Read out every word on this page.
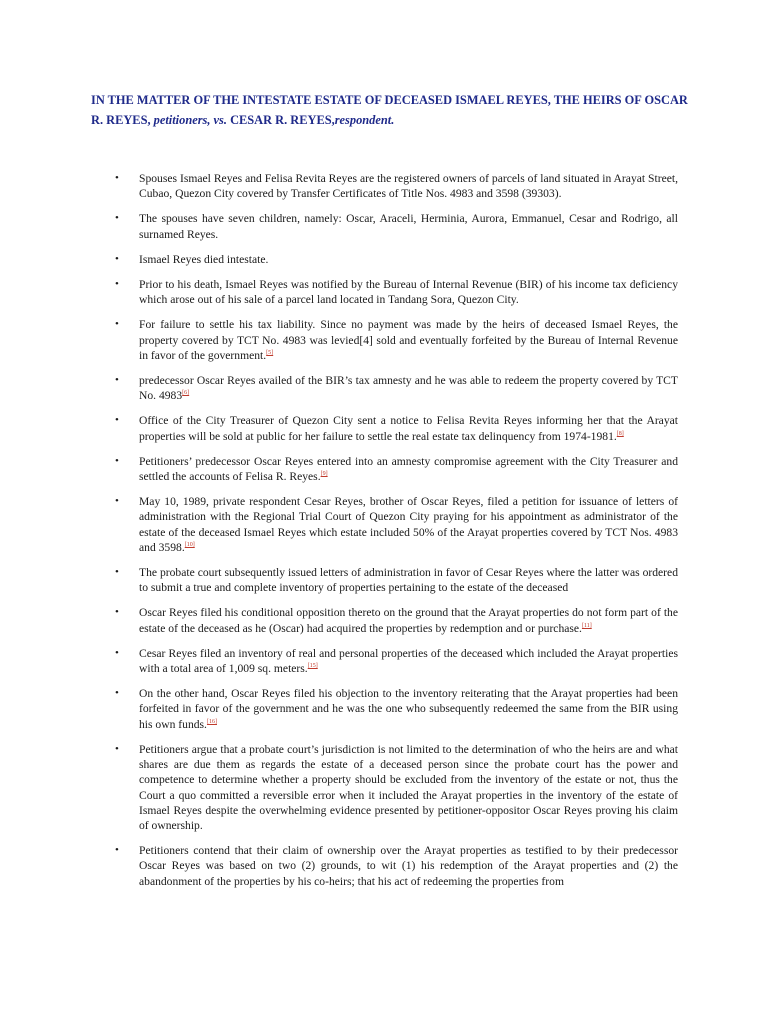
IN THE MATTER OF THE INTESTATE ESTATE OF DECEASED ISMAEL REYES, THE HEIRS OF OSCAR R. REYES, petitioners, vs. CESAR R. REYES,respondent.
• Spouses Ismael Reyes and Felisa Revita Reyes are the registered owners of parcels of land situated in Arayat Street, Cubao, Quezon City covered by Transfer Certificates of Title Nos. 4983 and 3598 (39303).
• The spouses have seven children, namely: Oscar, Araceli, Herminia, Aurora, Emmanuel, Cesar and Rodrigo, all surnamed Reyes.
• Ismael Reyes died intestate.
• Prior to his death, Ismael Reyes was notified by the Bureau of Internal Revenue (BIR) of his income tax deficiency which arose out of his sale of a parcel land located in Tandang Sora, Quezon City.
• For failure to settle his tax liability. Since no payment was made by the heirs of deceased Ismael Reyes, the property covered by TCT No. 4983 was levied[4] sold and eventually forfeited by the Bureau of Internal Revenue in favor of the government.[5]
• predecessor Oscar Reyes availed of the BIR’s tax amnesty and he was able to redeem the property covered by TCT No. 4983[6]
• Office of the City Treasurer of Quezon City sent a notice to Felisa Revita Reyes informing her that the Arayat properties will be sold at public for her failure to settle the real estate tax delinquency from 1974-1981.[8]
• Petitioners’ predecessor Oscar Reyes entered into an amnesty compromise agreement with the City Treasurer and settled the accounts of Felisa R. Reyes.[9]
• May 10, 1989, private respondent Cesar Reyes, brother of Oscar Reyes, filed a petition for issuance of letters of administration with the Regional Trial Court of Quezon City praying for his appointment as administrator of the estate of the deceased Ismael Reyes which estate included 50% of the Arayat properties covered by TCT Nos. 4983 and 3598.[10]
• The probate court subsequently issued letters of administration in favor of Cesar Reyes where the latter was ordered to submit a true and complete inventory of properties pertaining to the estate of the deceased
• Oscar Reyes filed his conditional opposition thereto on the ground that the Arayat properties do not form part of the estate of the deceased as he (Oscar) had acquired the properties by redemption and or purchase.[11]
• Cesar Reyes filed an inventory of real and personal properties of the deceased which included the Arayat properties with a total area of 1,009 sq. meters.[15]
• On the other hand, Oscar Reyes filed his objection to the inventory reiterating that the Arayat properties had been forfeited in favor of the government and he was the one who subsequently redeemed the same from the BIR using his own funds.[16]
• Petitioners argue that a probate court’s jurisdiction is not limited to the determination of who the heirs are and what shares are due them as regards the estate of a deceased person since the probate court has the power and competence to determine whether a property should be excluded from the inventory of the estate or not, thus the Court a quo committed a reversible error when it included the Arayat properties in the inventory of the estate of Ismael Reyes despite the overwhelming evidence presented by petitioner-oppositor Oscar Reyes proving his claim of ownership.
• Petitioners contend that their claim of ownership over the Arayat properties as testified to by their predecessor Oscar Reyes was based on two (2) grounds, to wit (1) his redemption of the Arayat properties and (2) the abandonment of the properties by his co-heirs; that his act of redeeming the properties from
